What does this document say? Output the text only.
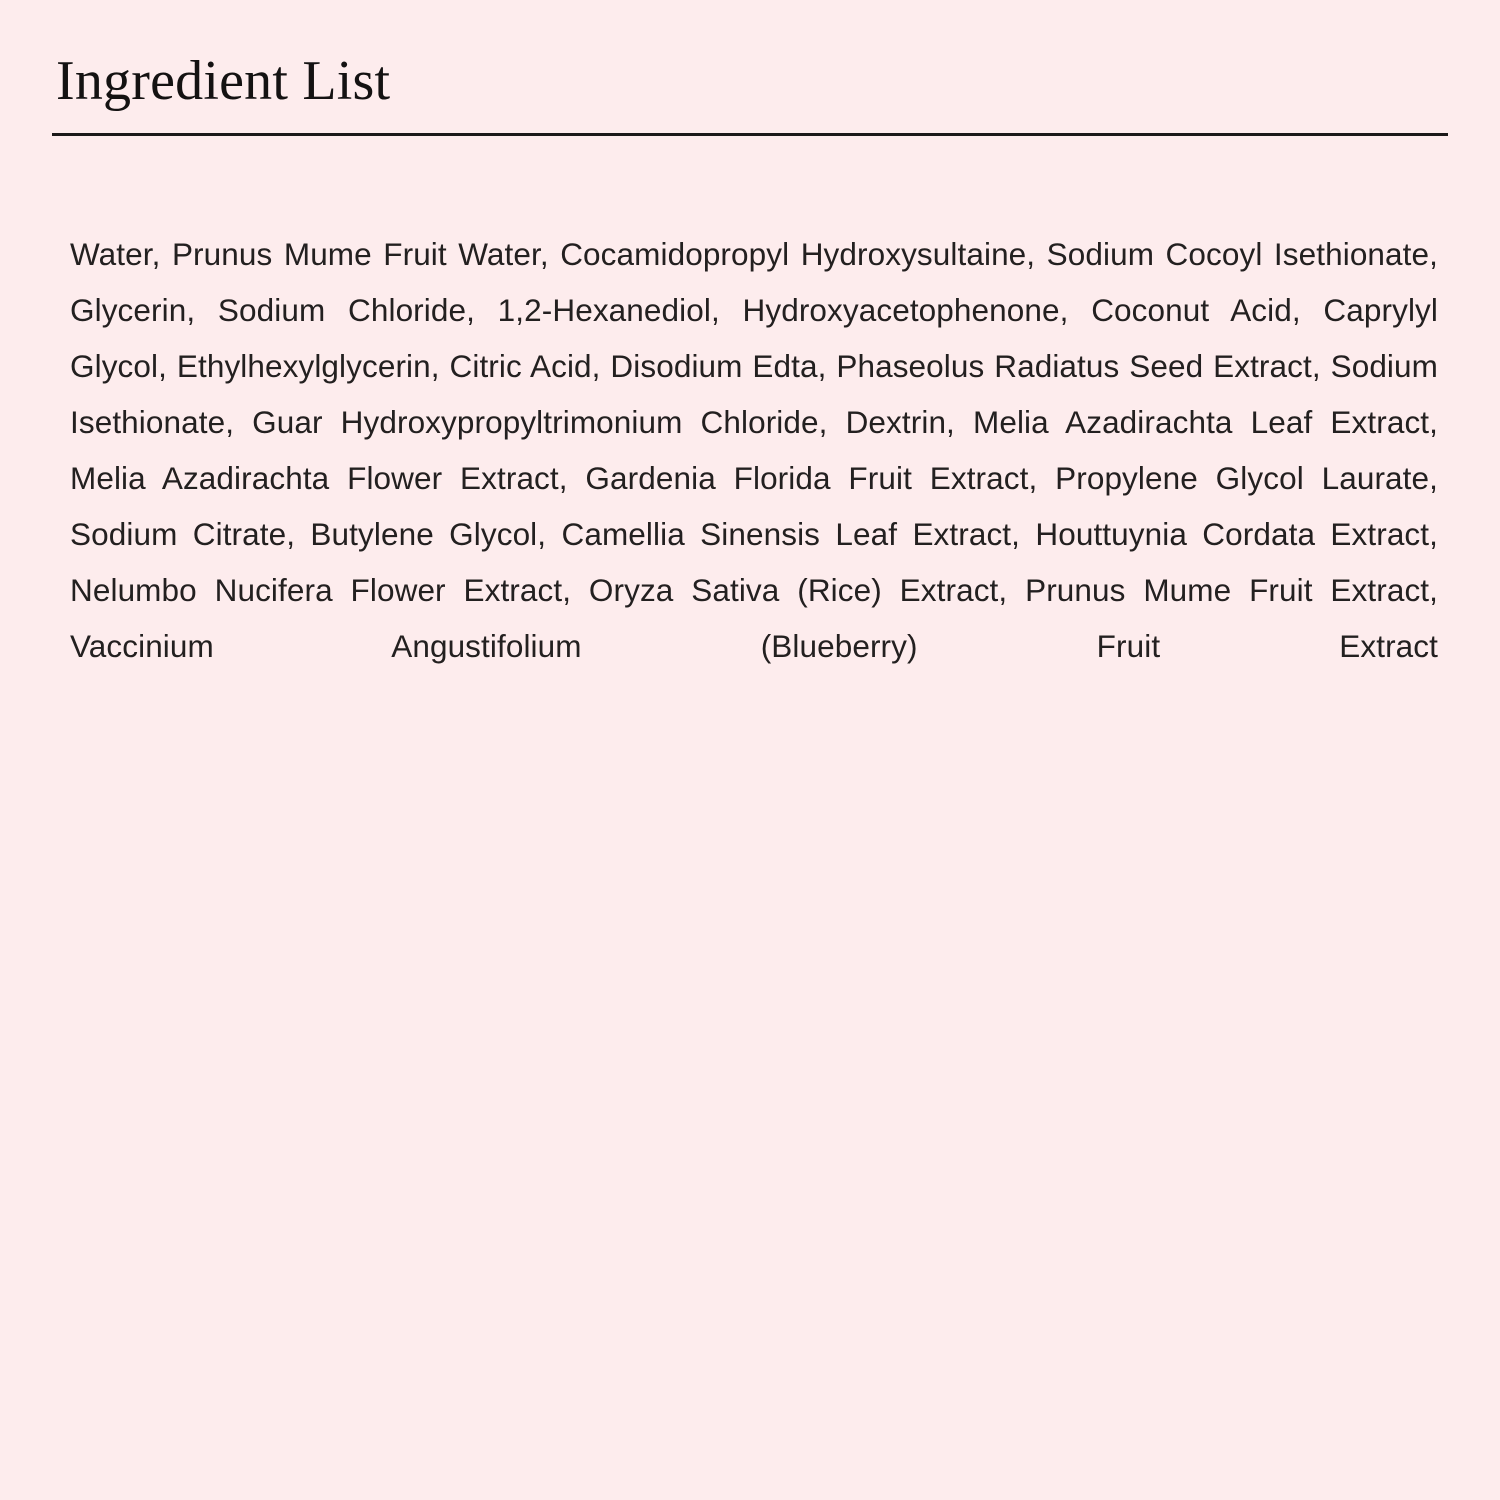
Ingredient List

Water, Prunus Mume Fruit Water, Cocamidopropyl Hydroxysultaine, Sodium Cocoyl Isethionate, Glycerin, Sodium Chloride, 1,2-Hexanediol, Hydroxyacetophenone, Coconut Acid, Caprylyl Glycol, Ethylhexylglycerin, Citric Acid, Disodium Edta, Phaseolus Radiatus Seed Extract, Sodium Isethionate, Guar Hydroxypropyltrimonium Chloride, Dextrin, Melia Azadirachta Leaf Extract, Melia Azadirachta Flower Extract, Gardenia Florida Fruit Extract, Propylene Glycol Laurate, Sodium Citrate, Butylene Glycol, Camellia Sinensis Leaf Extract, Houttuynia Cordata Extract, Nelumbo Nucifera Flower Extract, Oryza Sativa (Rice) Extract, Prunus Mume Fruit Extract, Vaccinium Angustifolium (Blueberry) Fruit Extract
